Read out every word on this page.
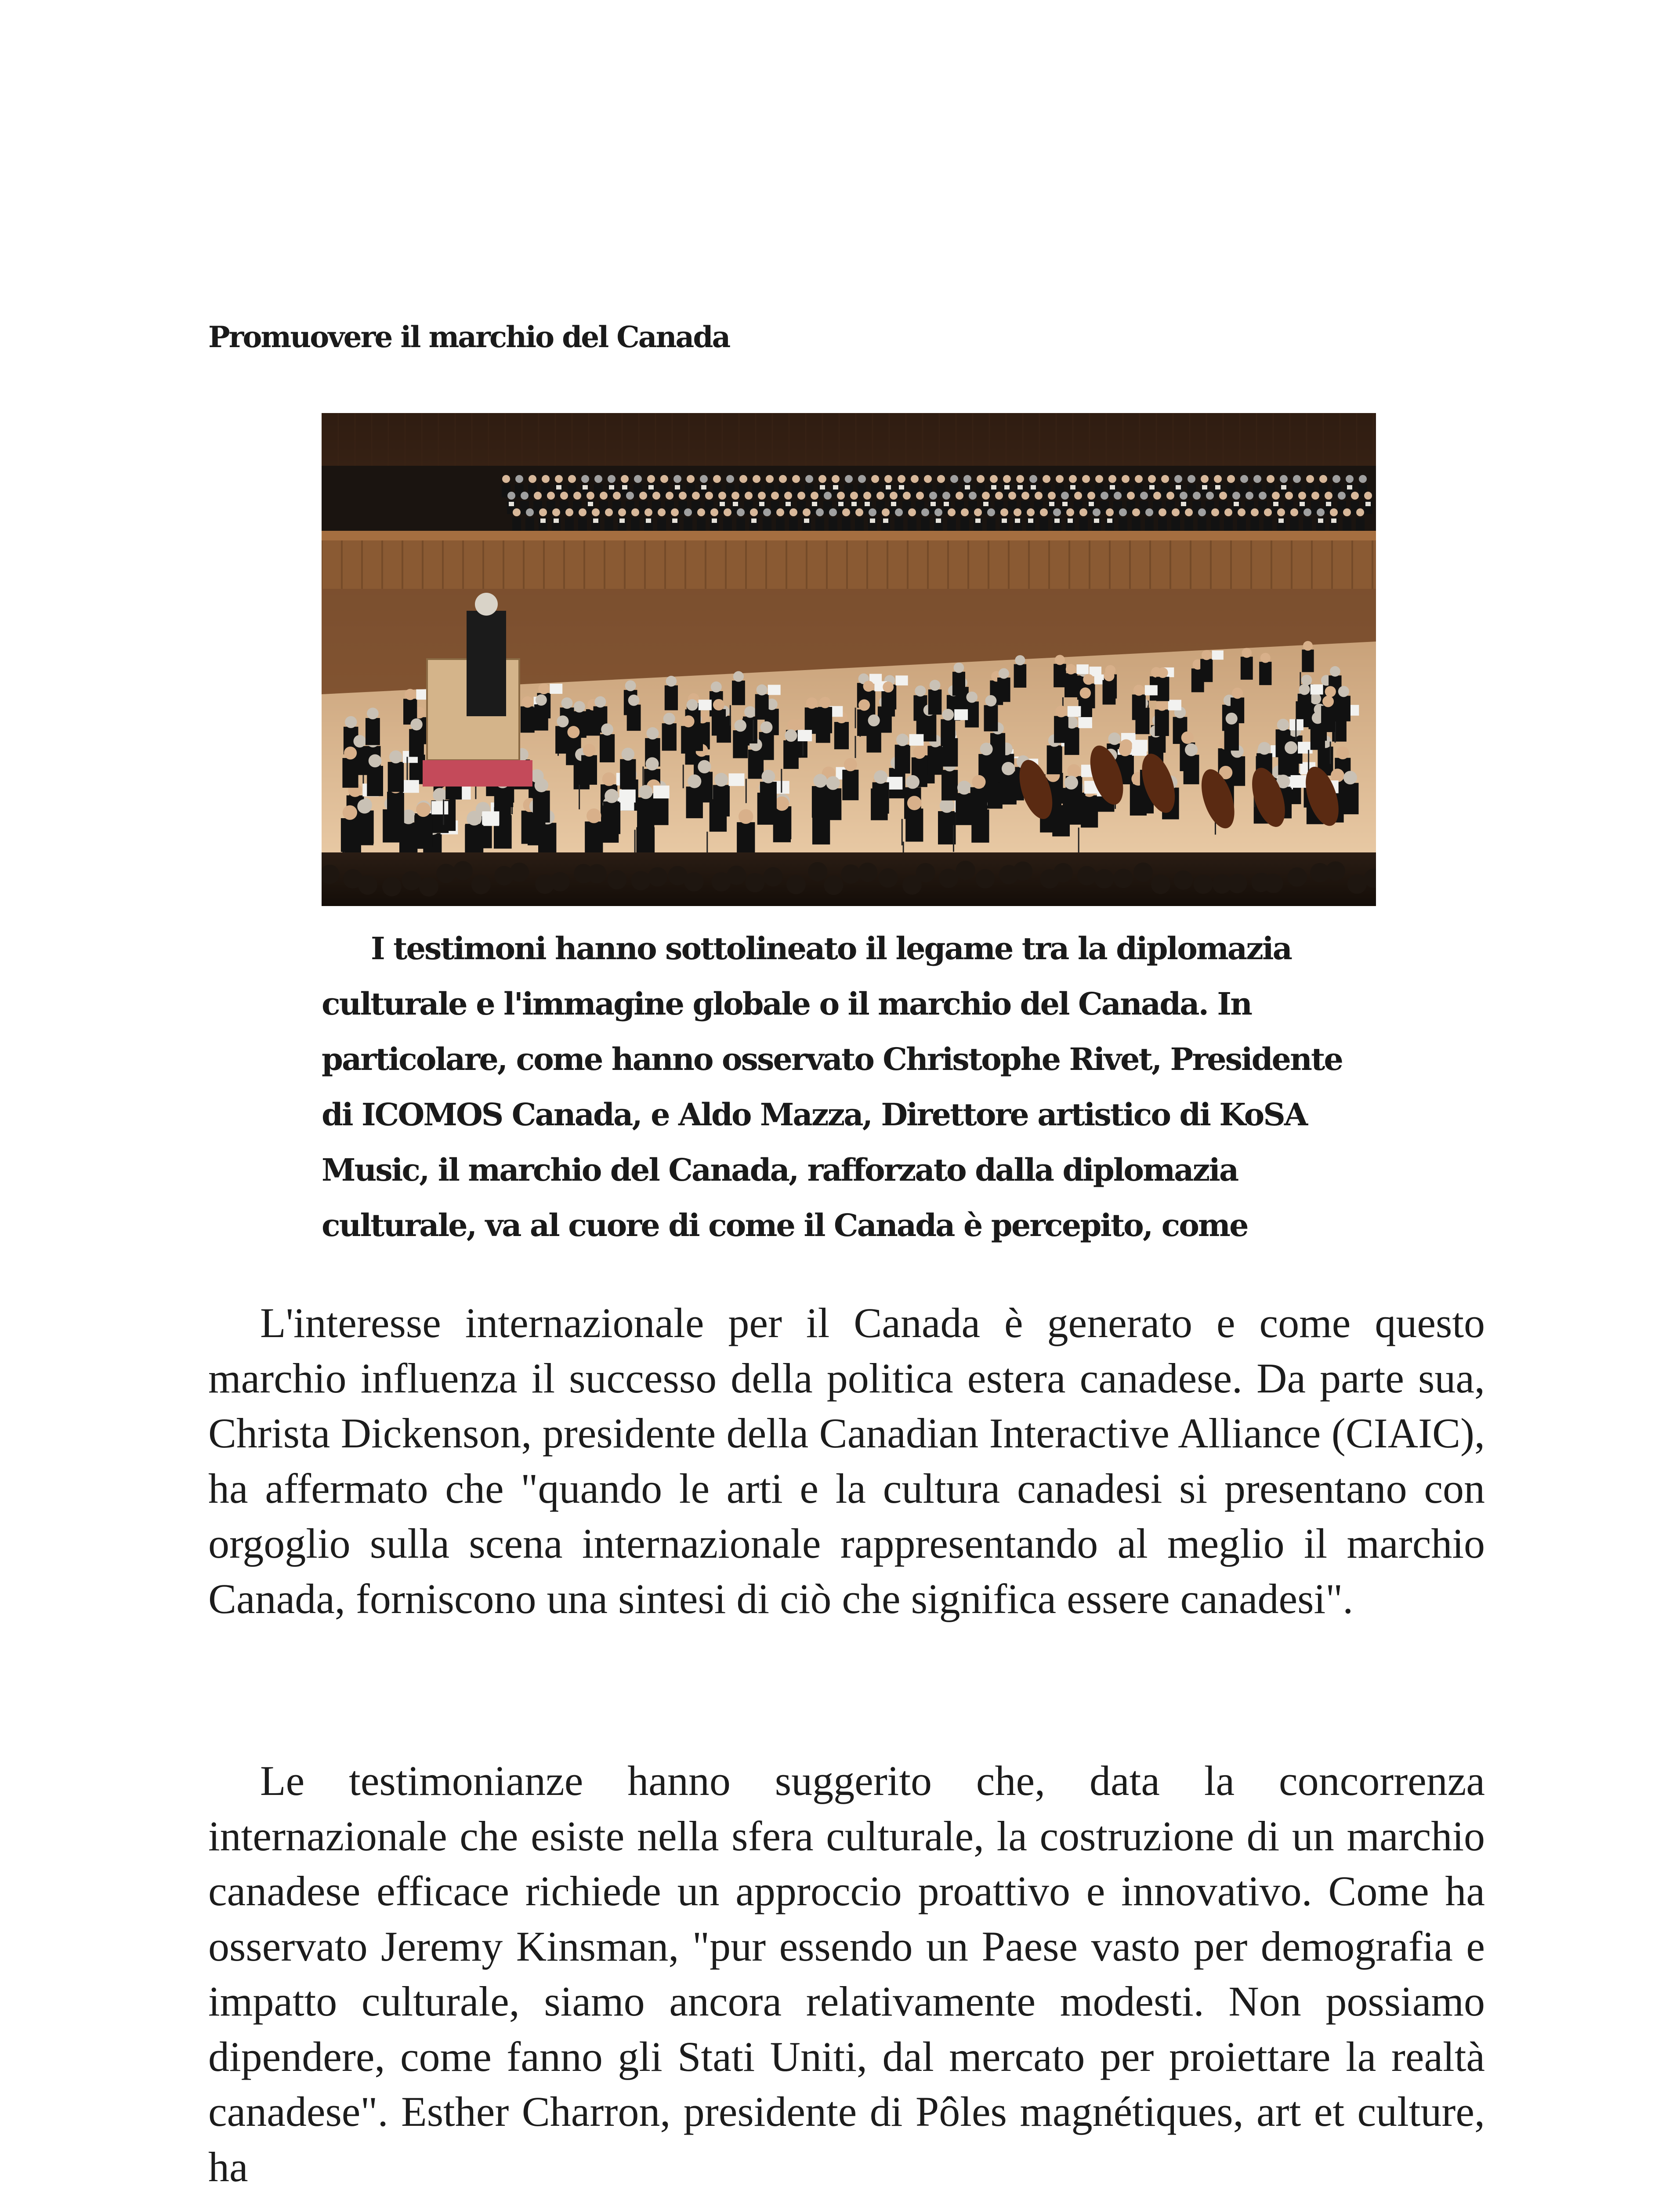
Promuovere il marchio del Canada

I testimoni hanno sottolineato il legame tra la diplomazia
culturale e l'immagine globale o il marchio del Canada. In
particolare, come hanno osservato Christophe Rivet, Presidente
di ICOMOS Canada, e Aldo Mazza, Direttore artistico di KoSA
Music, il marchio del Canada, rafforzato dalla diplomazia
culturale, va al cuore di come il Canada è percepito, come

L'interesse internazionale per il Canada è generato e come questo marchio influenza il successo della politica estera canadese. Da parte sua, Christa Dickenson, presidente della Canadian Interactive Alliance (CIAIC), ha affermato che "quando le arti e la cultura canadesi si presentano con orgoglio sulla scena internazionale rappresentando al meglio il marchio Canada, forniscono una sintesi di ciò che significa essere canadesi".

Le testimonianze hanno suggerito che, data la concorrenza internazionale che esiste nella sfera culturale, la costruzione di un marchio canadese efficace richiede un approccio proattivo e innovativo. Come ha osservato Jeremy Kinsman, "pur essendo un Paese vasto per demografia e impatto culturale, siamo ancora relativamente modesti. Non possiamo dipendere, come fanno gli Stati Uniti, dal mercato per proiettare la realtà canadese". Esther Charron, presidente di Pôles magnétiques, art et culture, ha
